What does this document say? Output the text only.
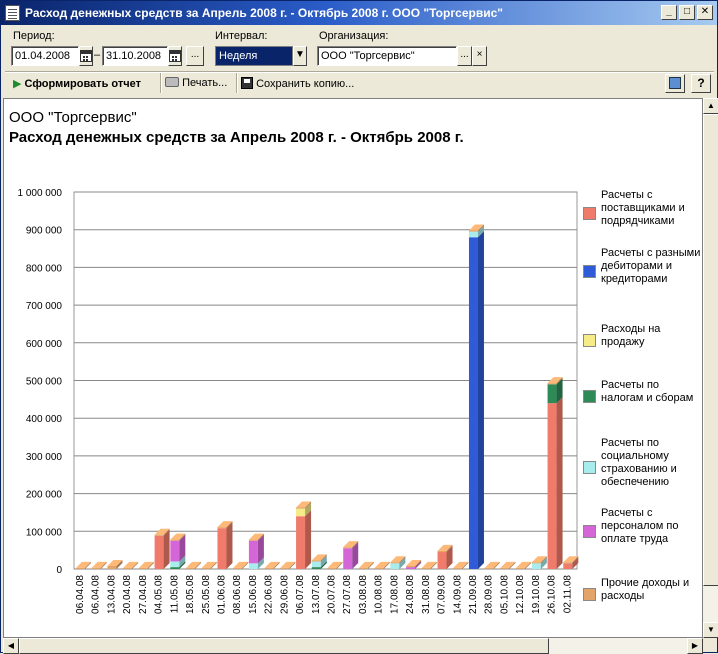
Расход денежных средств за Апрель 2008 г. - Октябрь 2008 г. ООО "Торгсервис"	_	□	✕
Период:
01.04.2008	– 31.10.2008	...
Интервал:
Неделя	▼
Организация:
ООО "Торгсервис"	... ×
▶ Сформировать отчет	Печать...	Сохранить копию...	?
ООО "Торгсервис"
Расход денежных средств за Апрель 2008 г. - Октябрь 2008 г.
0
100 000
200 000
300 000
400 000
500 000
600 000
700 000
800 000
900 000
1 000 000
06.04.08 06.04.08 13.04.08 20.04.08 27.04.08 04.05.08 11.05.08 18.05.08 25.05.08 01.06.08 08.06.08 15.06.08 22.06.08 29.06.08 06.07.08 13.07.08 20.07.08 27.07.08 03.08.08 10.08.08 17.08.08 24.08.08 31.08.08 07.09.08 14.09.08 21.09.08 28.09.08 05.10.08 12.10.08 19.10.08 26.10.08 02.11.08
Расчеты с поставщиками и подрядчиками
Расчеты с разными дебиторами и кредиторами
Расходы на продажу
Расчеты по налогам и сборам
Расчеты по социальному страхованию и обеспечению
Расчеты с персоналом по оплате труда
Прочие доходы и расходы
▲
▼
◀	▶
